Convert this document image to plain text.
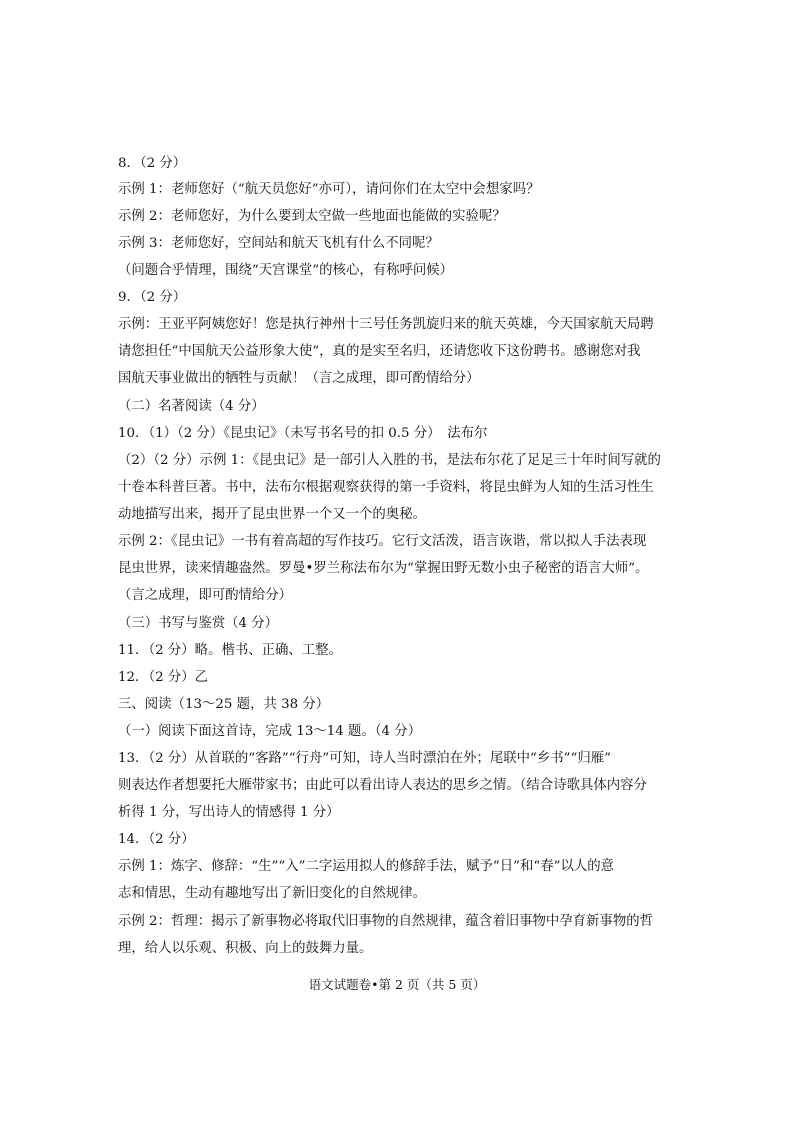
8．（2 分）
示例 1：老师您好（“航天员您好”亦可），请问你们在太空中会想家吗？
示例 2：老师您好，为什么要到太空做一些地面也能做的实验呢？
示例 3：老师您好，空间站和航天飞机有什么不同呢？
（问题合乎情理，围绕“天宫课堂”的核心，有称呼问候）
9．（2 分）
示例：王亚平阿姨您好！您是执行神州十三号任务凯旋归来的航天英雄，今天国家航天局聘
请您担任“中国航天公益形象大使”，真的是实至名归，还请您收下这份聘书。感谢您对我
国航天事业做出的牺牲与贡献！（言之成理，即可酌情给分）
（二）名著阅读（4 分）
10．（1）（2 分）《昆虫记》（未写书名号的扣 0.5 分）　法布尔
（2）（2 分）示例 1：《昆虫记》是一部引人入胜的书，是法布尔花了足足三十年时间写就的
十卷本科普巨著。书中，法布尔根据观察获得的第一手资料，将昆虫鲜为人知的生活习性生
动地描写出来，揭开了昆虫世界一个又一个的奥秘。
示例 2：《昆虫记》一书有着高超的写作技巧。它行文活泼，语言诙谐，常以拟人手法表现
昆虫世界，读来情趣盎然。罗曼•罗兰称法布尔为“掌握田野无数小虫子秘密的语言大师”。
（言之成理，即可酌情给分）
（三）书写与鉴赏（4 分）
11．（2 分）略。楷书、正确、工整。
12．（2 分）乙
三、阅读（13～25 题，共 38 分）
（一）阅读下面这首诗，完成 13～14 题。（4 分）
13．（2 分）从首联的“客路”“行舟”可知，诗人当时漂泊在外；尾联中“乡书”“归雁”
则表达作者想要托大雁带家书；由此可以看出诗人表达的思乡之情。（结合诗歌具体内容分
析得 1 分，写出诗人的情感得 1 分）
14．（2 分）
示例 1：炼字、修辞：“生”“入”二字运用拟人的修辞手法，赋予“日”和“春”以人的意
志和情思，生动有趣地写出了新旧变化的自然规律。
示例 2：哲理：揭示了新事物必将取代旧事物的自然规律，蕴含着旧事物中孕育新事物的哲
理，给人以乐观、积极、向上的鼓舞力量。
语文试题卷•第 2 页（共 5 页）
